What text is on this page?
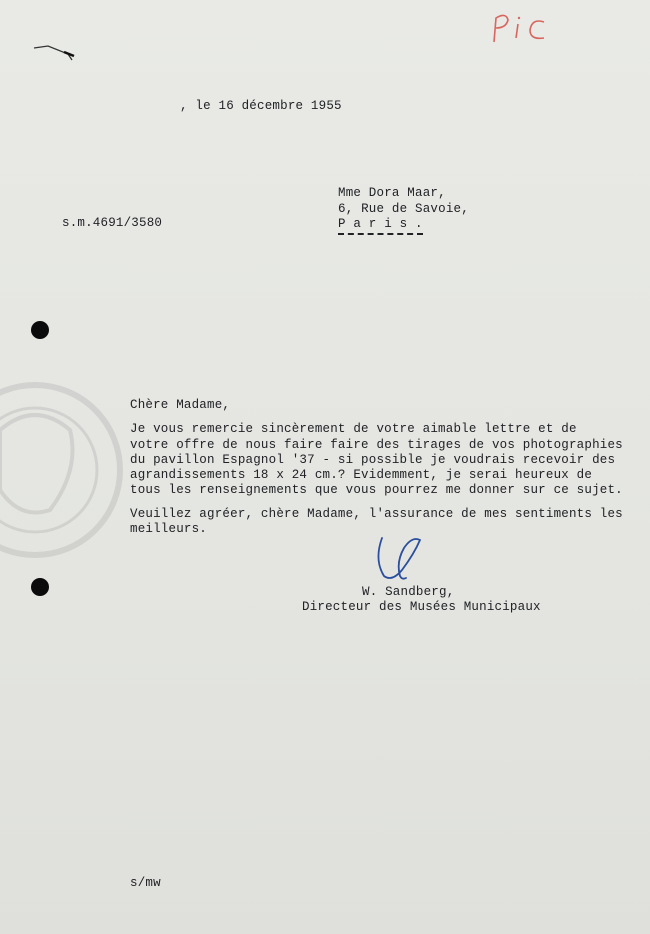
, le 16 décembre 1955
Mme Dora Maar,
6, Rue de Savoie,
P a r i s .
s.m.4691/3580
Chère Madame,
Je vous remercie sincèrement de votre aimable lettre et de
votre offre de nous faire faire des tirages de vos photographies
du pavillon Espagnol '37 - si possible je voudrais recevoir des
agrandissements 18 x 24 cm.? Evidemment, je serai heureux de
tous les renseignements que vous pourrez me donner sur ce sujet.
Veuillez agréer, chère Madame, l'assurance de mes sentiments les
meilleurs.
W. Sandberg,
Directeur des Musées Municipaux
s/mw
